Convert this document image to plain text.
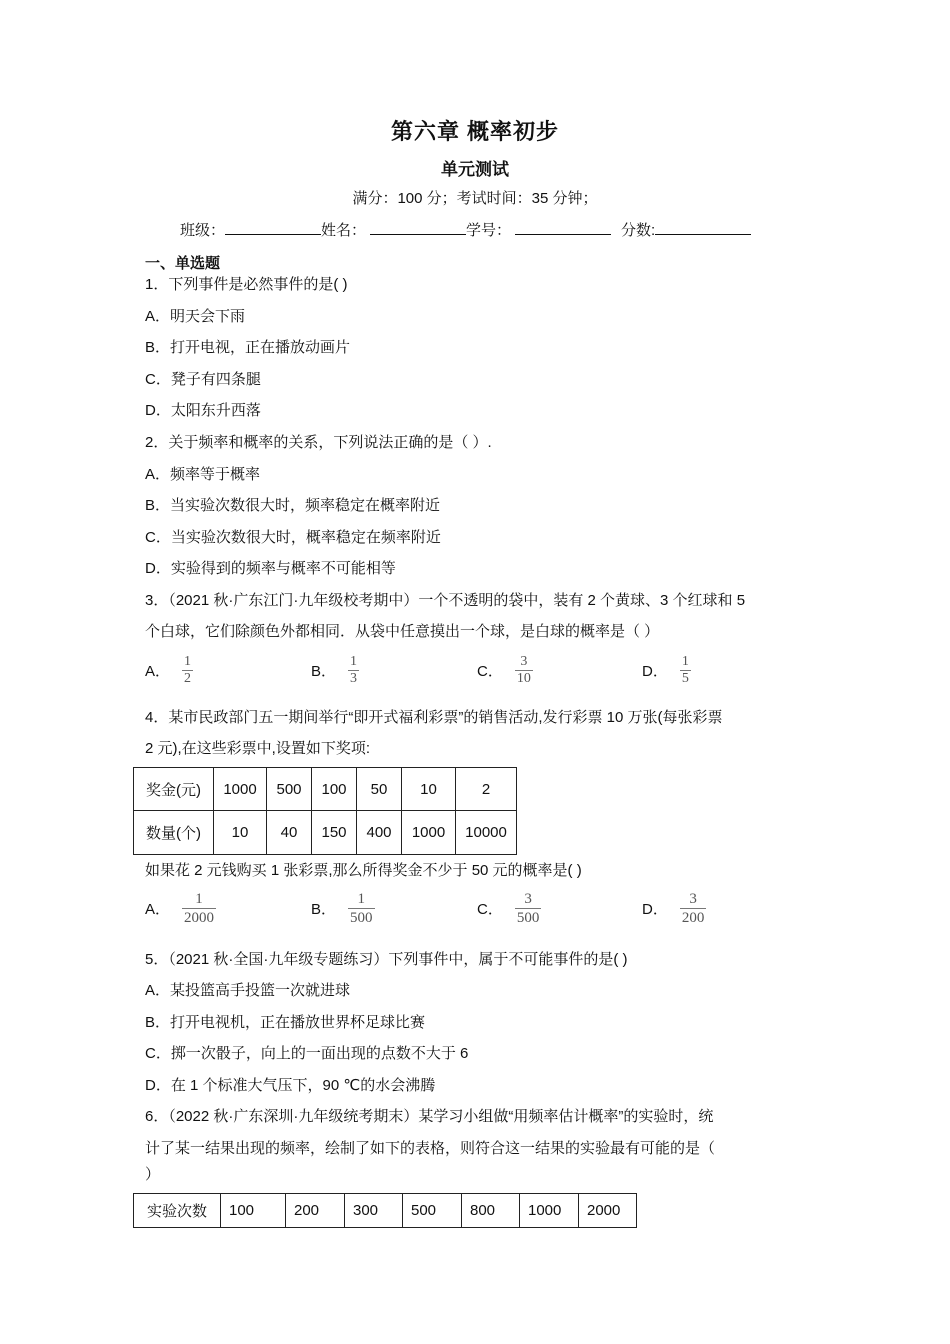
第六章 概率初步
单元测试
满分：100 分；考试时间：35 分钟；
班级：	姓名：	学号：	分数:
一、单选题
1．下列事件是必然事件的是( )
A．明天会下雨
B．打开电视，正在播放动画片
C．凳子有四条腿
D．太阳东升西落
2．关于频率和概率的关系，下列说法正确的是（ ）.
A．频率等于概率
B．当实验次数很大时，频率稳定在概率附近
C．当实验次数很大时，概率稳定在频率附近
D．实验得到的频率与概率不可能相等
3．（2021 秋·广东江门·九年级校考期中）一个不透明的袋中，装有 2 个黄球、3 个红球和 5
个白球，它们除颜色外都相同．从袋中任意摸出一个球，是白球的概率是（ ）
A． $\frac{1}{2}$	B． $\frac{1}{3}$	C． $\frac{3}{10}$	D． $\frac{1}{5}$
4．某市民政部门五一期间举行“即开式福利彩票”的销售活动,发行彩票 10 万张(每张彩票
2 元),在这些彩票中,设置如下奖项:
奖金(元)	1000	500	100	50	10	2
数量(个)	10	40	150	400	1000	10000
如果花 2 元钱购买 1 张彩票,那么所得奖金不少于 50 元的概率是( )
A． $\frac{1}{2000}$	B． $\frac{1}{500}$	C． $\frac{3}{500}$	D． $\frac{3}{200}$
5．（2021 秋·全国·九年级专题练习）下列事件中，属于不可能事件的是( )
A．某投篮高手投篮一次就进球
B．打开电视机，正在播放世界杯足球比赛
C．掷一次骰子，向上的一面出现的点数不大于 6
D．在 1 个标准大气压下，90 ℃的水会沸腾
6．（2022 秋·广东深圳·九年级统考期末）某学习小组做“用频率估计概率”的实验时，统
计了某一结果出现的频率，绘制了如下的表格，则符合这一结果的实验最有可能的是（
）
实验次数	100	200	300	500	800	1000	2000
